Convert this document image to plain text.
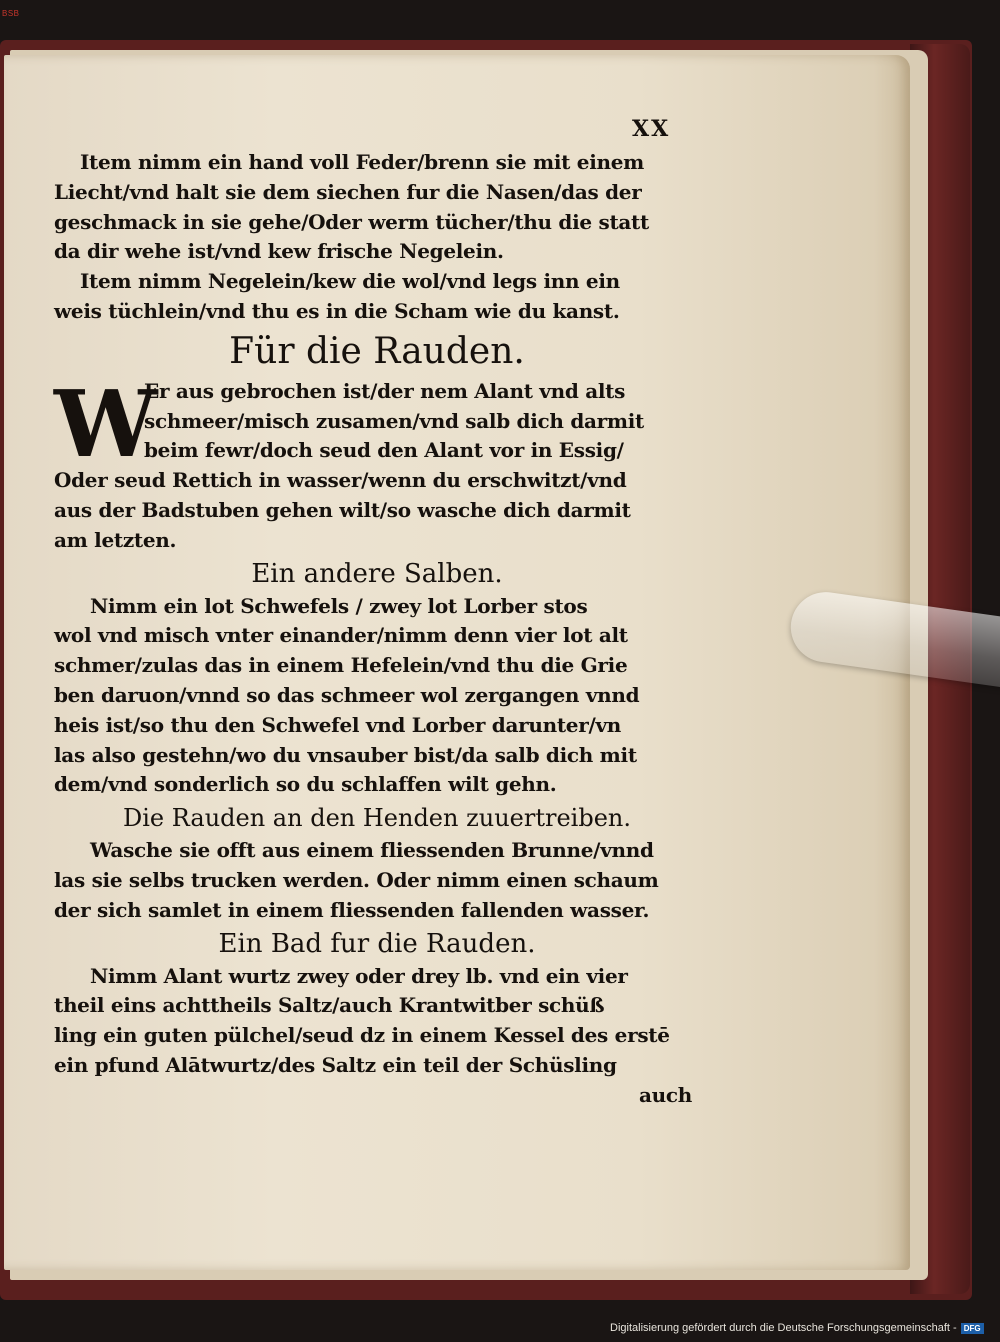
BSB
XX
Item nimm ein hand voll Feder/brenn sie mit einem
Liecht/vnd halt sie dem siechen fur die Nasen/das der
geschmack in sie gehe/Oder werm tücher/thu die statt
da dir wehe ist/vnd kew frische Negelein.
Item nimm Negelein/kew die wol/vnd legs inn ein
weis tüchlein/vnd thu es in die Scham wie du kanst.
Für die Rauden.
Er aus gebrochen ist/der nem Alant vnd alts
schmeer/misch zusamen/vnd salb dich darmit
beim fewr/doch seud den Alant vor in Essig/
Oder seud Rettich in wasser/wenn du erschwitzt/vnd
aus der Badstuben gehen wilt/so wasche dich darmit
am letzten.
Ein andere Salben.
Nimm ein lot Schwefels / zwey lot Lorber stos
wol vnd misch vnter einander/nimm denn vier lot alt
schmer/zulas das in einem Hefelein/vnd thu die Grie
ben daruon/vnnd so das schmeer wol zergangen vnnd
heis ist/so thu den Schwefel vnd Lorber darunter/vn
las also gestehn/wo du vnsauber bist/da salb dich mit
dem/vnd sonderlich so du schlaffen wilt gehn.
Die Rauden an den Henden zuuertreiben.
Wasche sie offt aus einem fliessenden Brunne/vnnd
las sie selbs trucken werden. Oder nimm einen schaum
der sich samlet in einem fliessenden fallenden wasser.
Ein Bad fur die Rauden.
Nimm Alant wurtz zwey oder drey lb. vnd ein vier
theil eins achttheils Saltz/auch Krantwitber schüß
ling ein guten pülchel/seud dz in einem Kessel des erstē
ein pfund Alātwurtz/des Saltz ein teil der Schüsling
auch
W
Digitalisierung gefördert durch die Deutsche Forschungsgemeinschaft - DFG
